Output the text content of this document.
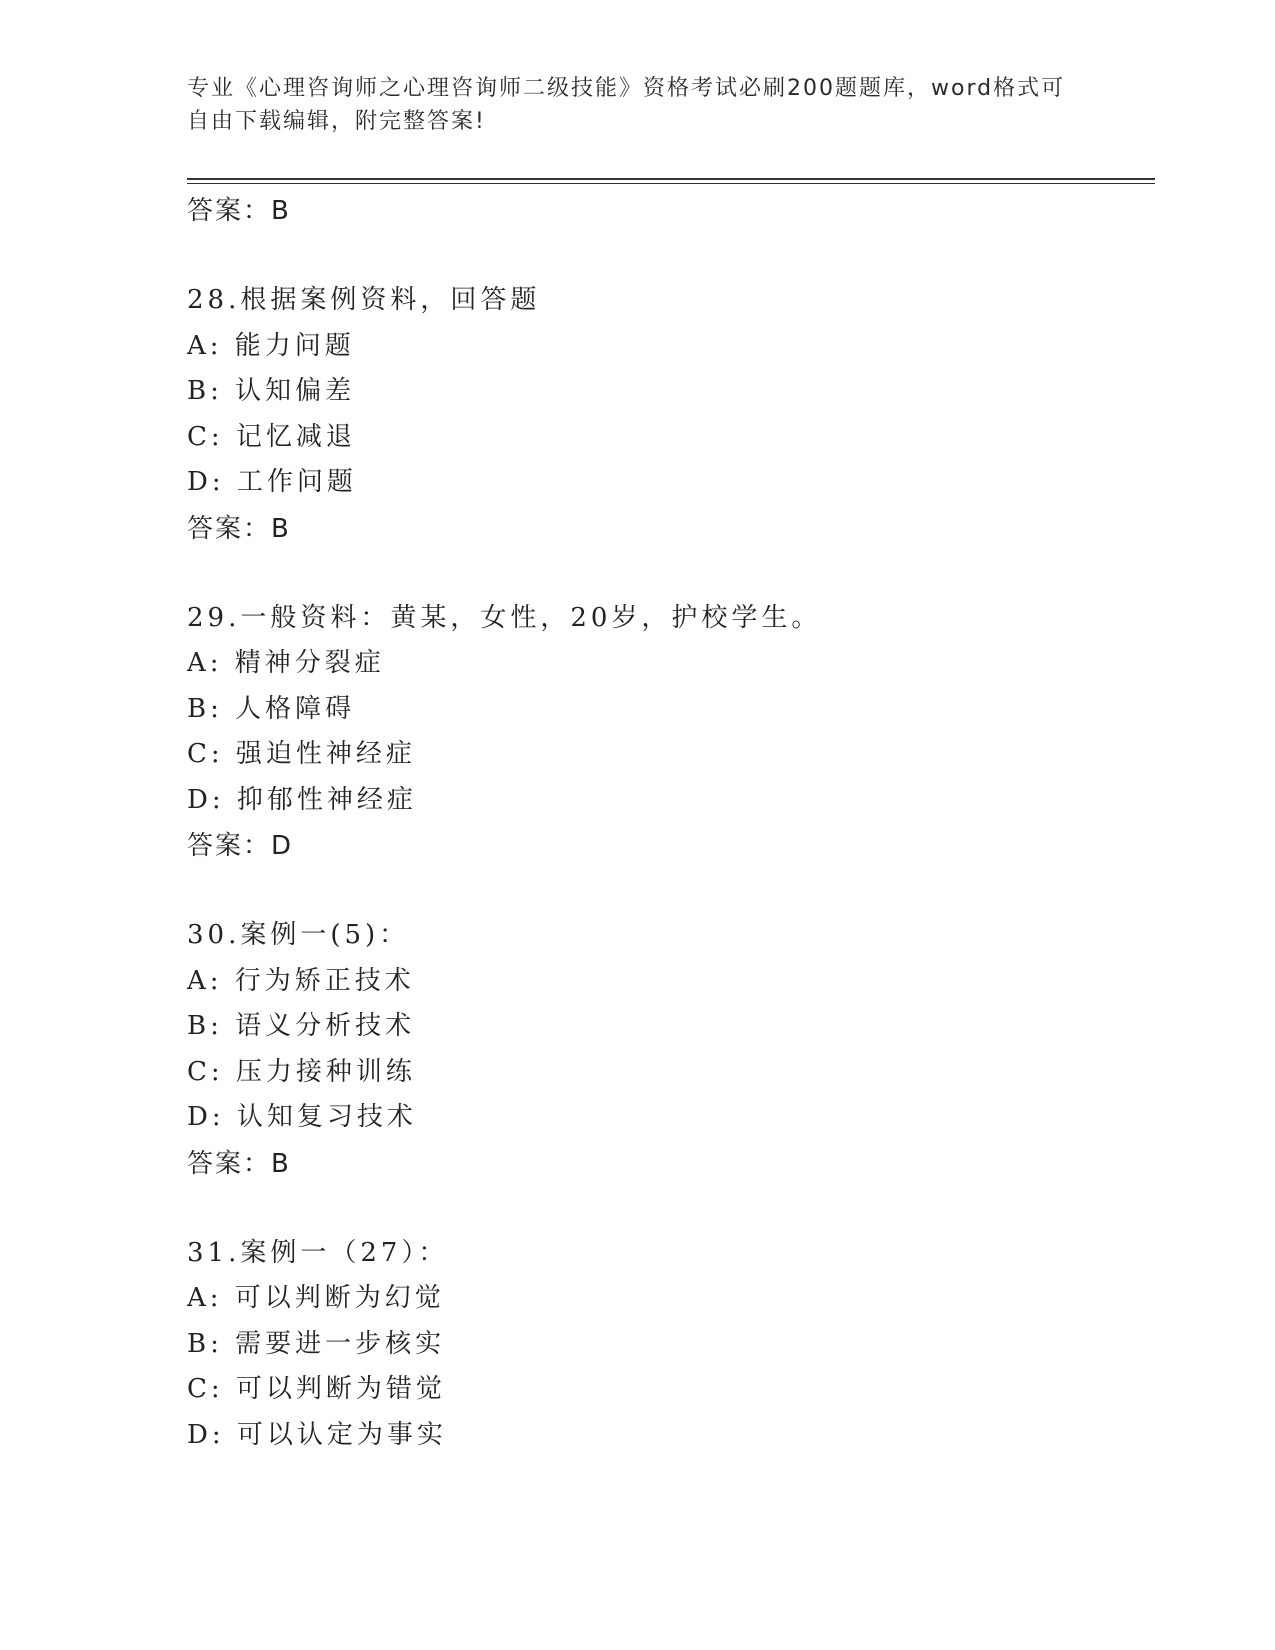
专业《心理咨询师之心理咨询师二级技能》资格考试必刷200题题库，word格式可自由下载编辑，附完整答案!
答案：B
28.根据案例资料，回答题
A: 能力问题
B: 认知偏差
C: 记忆减退
D: 工作问题
答案：B
29.一般资料：黄某，女性，20岁，护校学生。
A: 精神分裂症
B: 人格障碍
C: 强迫性神经症
D: 抑郁性神经症
答案：D
30.案例一(5)：
A: 行为矫正技术
B: 语义分析技术
C: 压力接种训练
D: 认知复习技术
答案：B
31.案例一（27）：
A: 可以判断为幻觉
B: 需要进一步核实
C: 可以判断为错觉
D: 可以认定为事实
